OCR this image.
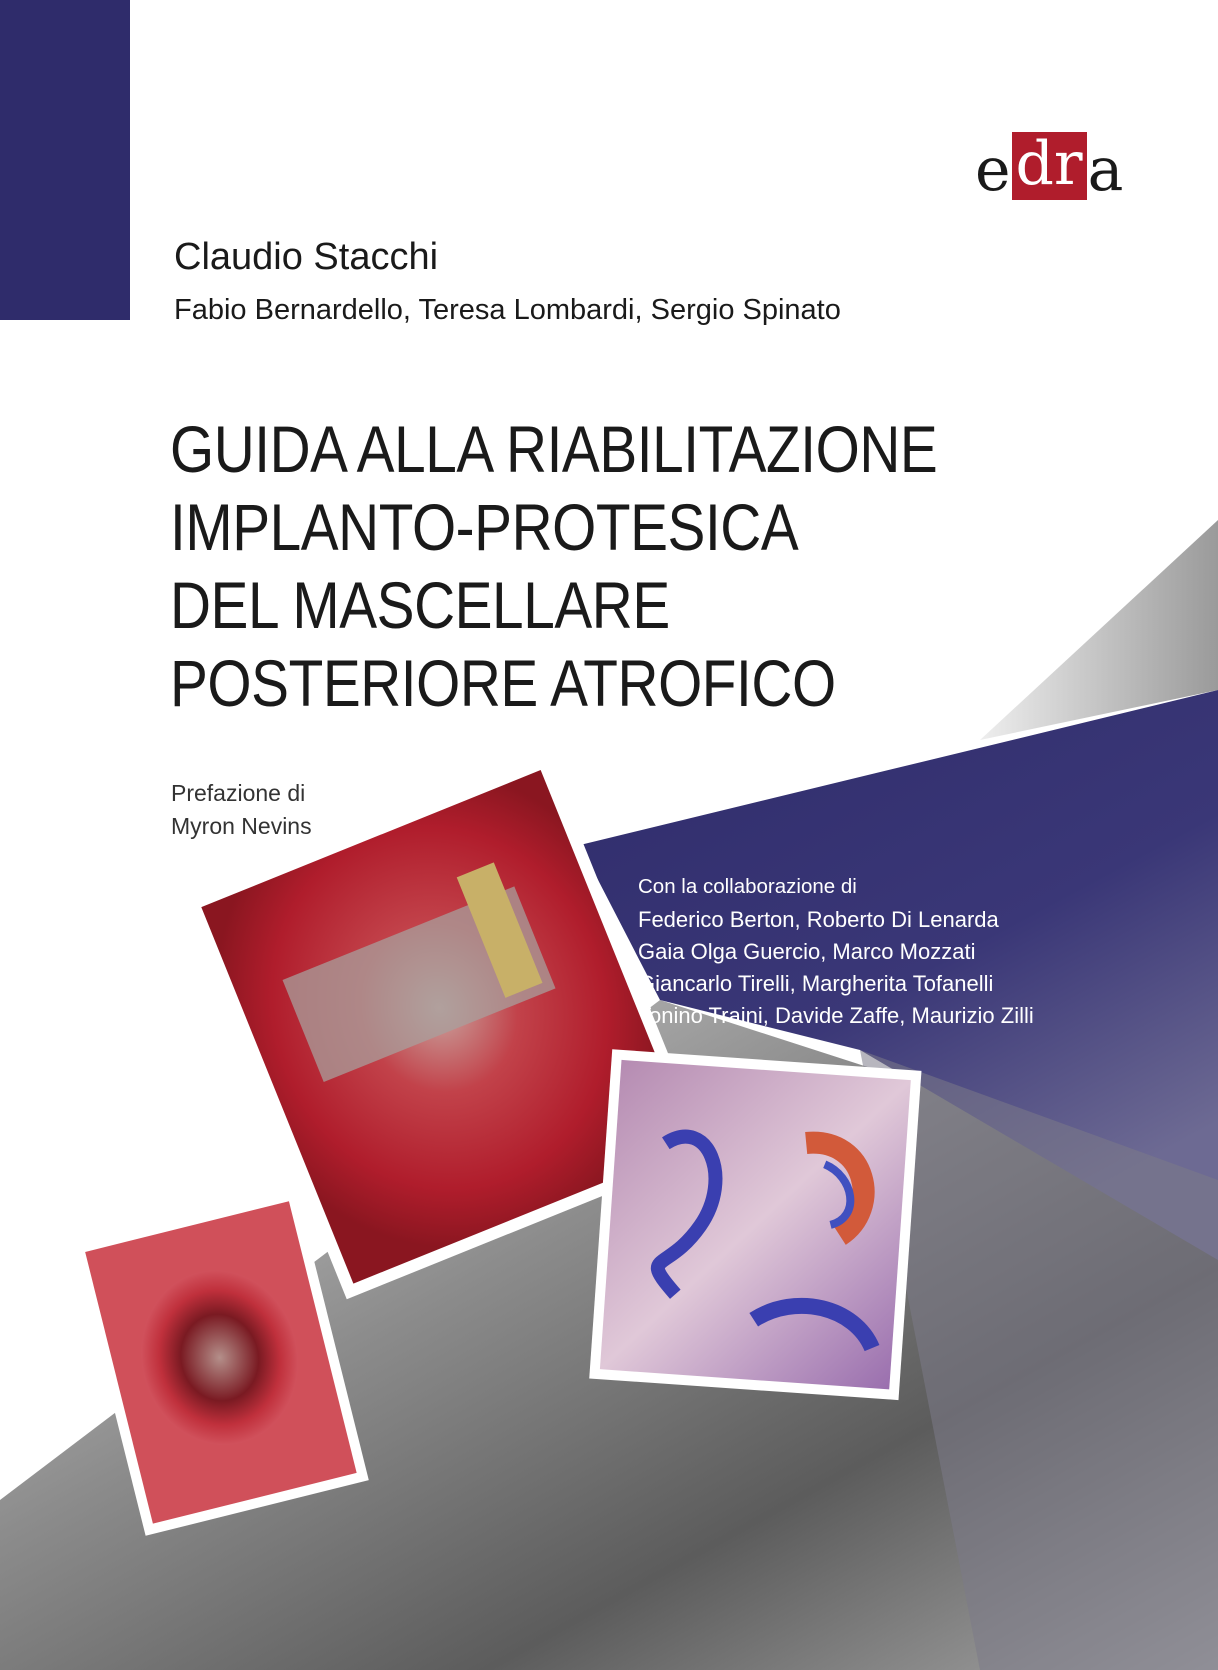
e dr a
Claudio Stacchi
Fabio Bernardello, Teresa Lombardi, Sergio Spinato
GUIDA ALLA RIABILITAZIONE
IMPLANTO-PROTESICA
DEL MASCELLARE
POSTERIORE ATROFICO
Prefazione di
Myron Nevins
Con la collaborazione di
Federico Berton, Roberto Di Lenarda
Gaia Olga Guercio, Marco Mozzati
Giancarlo Tirelli, Margherita Tofanelli
Tonino Traini, Davide Zaffe, Maurizio Zilli
